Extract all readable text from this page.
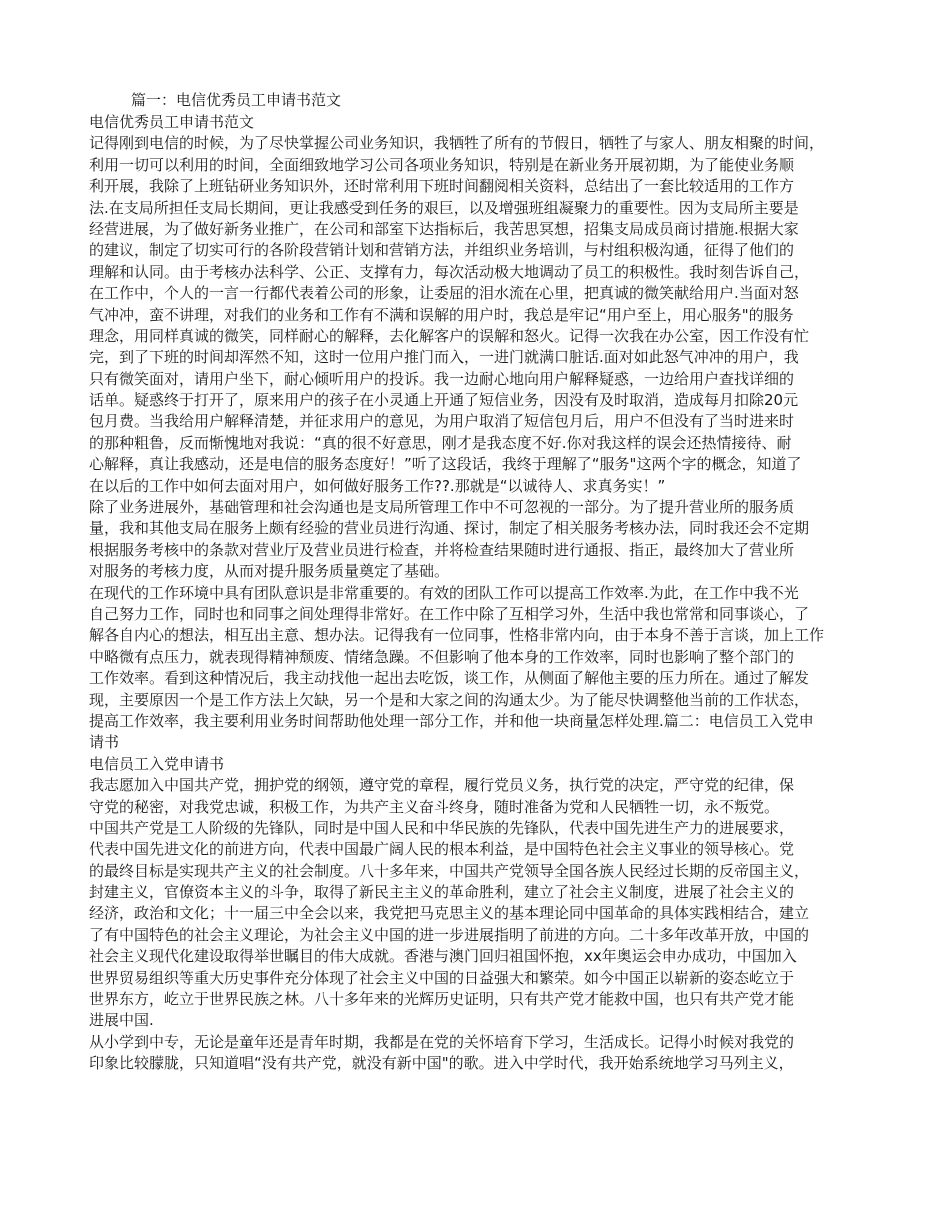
篇一：电信优秀员工申请书范文
电信优秀员工申请书范文
记得刚到电信的时候，为了尽快掌握公司业务知识，我牺牲了所有的节假日，牺牲了与家人、朋友相聚的时间，
利用一切可以利用的时间，全面细致地学习公司各项业务知识，特别是在新业务开展初期，为了能使业务顺
利开展，我除了上班钻研业务知识外，还时常利用下班时间翻阅相关资料，总结出了一套比较适用的工作方
法.在支局所担任支局长期间，更让我感受到任务的艰巨，以及增强班组凝聚力的重要性。因为支局所主要是
经营进展，为了做好新务业推广，在公司和部室下达指标后，我苦思冥想，招集支局成员商讨措施.根据大家
的建议，制定了切实可行的各阶段营销计划和营销方法，并组织业务培训，与村组积极沟通，征得了他们的
理解和认同。由于考核办法科学、公正、支撑有力，每次活动极大地调动了员工的积极性。我时刻告诉自己，
在工作中，个人的一言一行都代表着公司的形象，让委屈的泪水流在心里，把真诚的微笑献给用户.当面对怒
气冲冲，蛮不讲理，对我们的业务和工作有不满和误解的用户时，我总是牢记“用户至上，用心服务"的服务
理念，用同样真诚的微笑，同样耐心的解释，去化解客户的误解和怒火。记得一次我在办公室，因工作没有忙
完，到了下班的时间却浑然不知，这时一位用户推门而入，一进门就满口脏话.面对如此怒气冲冲的用户，我
只有微笑面对，请用户坐下，耐心倾听用户的投诉。我一边耐心地向用户解释疑惑，一边给用户查找详细的
话单。疑惑终于打开了，原来用户的孩子在小灵通上开通了短信业务，因没有及时取消，造成每月扣除20元
包月费。当我给用户解释清楚，并征求用户的意见，为用户取消了短信包月后，用户不但没有了当时进来时
的那种粗鲁，反而惭愧地对我说：“真的很不好意思，刚才是我态度不好.你对我这样的误会还热情接待、耐
心解释，真让我感动，还是电信的服务态度好！”听了这段话，我终于理解了“服务"这两个字的概念，知道了
在以后的工作中如何去面对用户，如何做好服务工作??.那就是“以诚待人、求真务实！”
除了业务进展外，基础管理和社会沟通也是支局所管理工作中不可忽视的一部分。为了提升营业所的服务质
量，我和其他支局在服务上颇有经验的营业员进行沟通、探讨，制定了相关服务考核办法，同时我还会不定期
根据服务考核中的条款对营业厅及营业员进行检查，并将检查结果随时进行通报、指正，最终加大了营业所
对服务的考核力度，从而对提升服务质量奠定了基础。
在现代的工作环境中具有团队意识是非常重要的。有效的团队工作可以提高工作效率.为此，在工作中我不光
自己努力工作，同时也和同事之间处理得非常好。在工作中除了互相学习外，生活中我也常常和同事谈心，了
解各自内心的想法，相互出主意、想办法。记得我有一位同事，性格非常内向，由于本身不善于言谈，加上工作
中略微有点压力，就表现得精神颓废、情绪急躁。不但影响了他本身的工作效率，同时也影响了整个部门的
工作效率。看到这种情况后，我主动找他一起出去吃饭，谈工作，从侧面了解他主要的压力所在。通过了解发
现，主要原因一个是工作方法上欠缺，另一个是和大家之间的沟通太少。为了能尽快调整他当前的工作状态，
提高工作效率，我主要利用业务时间帮助他处理一部分工作，并和他一块商量怎样处理.篇二：电信员工入党申
请书
电信员工入党申请书
我志愿加入中国共产党，拥护党的纲领，遵守党的章程，履行党员义务，执行党的决定，严守党的纪律，保
守党的秘密，对我党忠诚，积极工作，为共产主义奋斗终身，随时准备为党和人民牺牲一切，永不叛党。
中国共产党是工人阶级的先锋队，同时是中国人民和中华民族的先锋队，代表中国先进生产力的进展要求，
代表中国先进文化的前进方向，代表中国最广阔人民的根本利益，是中国特色社会主义事业的领导核心。党
的最终目标是实现共产主义的社会制度。八十多年来，中国共产党领导全国各族人民经过长期的反帝国主义，
封建主义，官僚资本主义的斗争，取得了新民主主义的革命胜利，建立了社会主义制度，进展了社会主义的
经济，政治和文化；十一届三中全会以来，我党把马克思主义的基本理论同中国革命的具体实践相结合，建立
了有中国特色的社会主义理论，为社会主义中国的进一步进展指明了前进的方向。二十多年改革开放，中国的
社会主义现代化建设取得举世瞩目的伟大成就。香港与澳门回归祖国怀抱，xx年奥运会申办成功，中国加入
世界贸易组织等重大历史事件充分体现了社会主义中国的日益强大和繁荣。如今中国正以崭新的姿态屹立于
世界东方，屹立于世界民族之林。八十多年来的光辉历史证明，只有共产党才能救中国，也只有共产党才能
进展中国.
从小学到中专，无论是童年还是青年时期，我都是在党的关怀培育下学习，生活成长。记得小时候对我党的
印象比较朦胧，只知道唱“没有共产党，就没有新中国"的歌。进入中学时代，我开始系统地学习马列主义，
